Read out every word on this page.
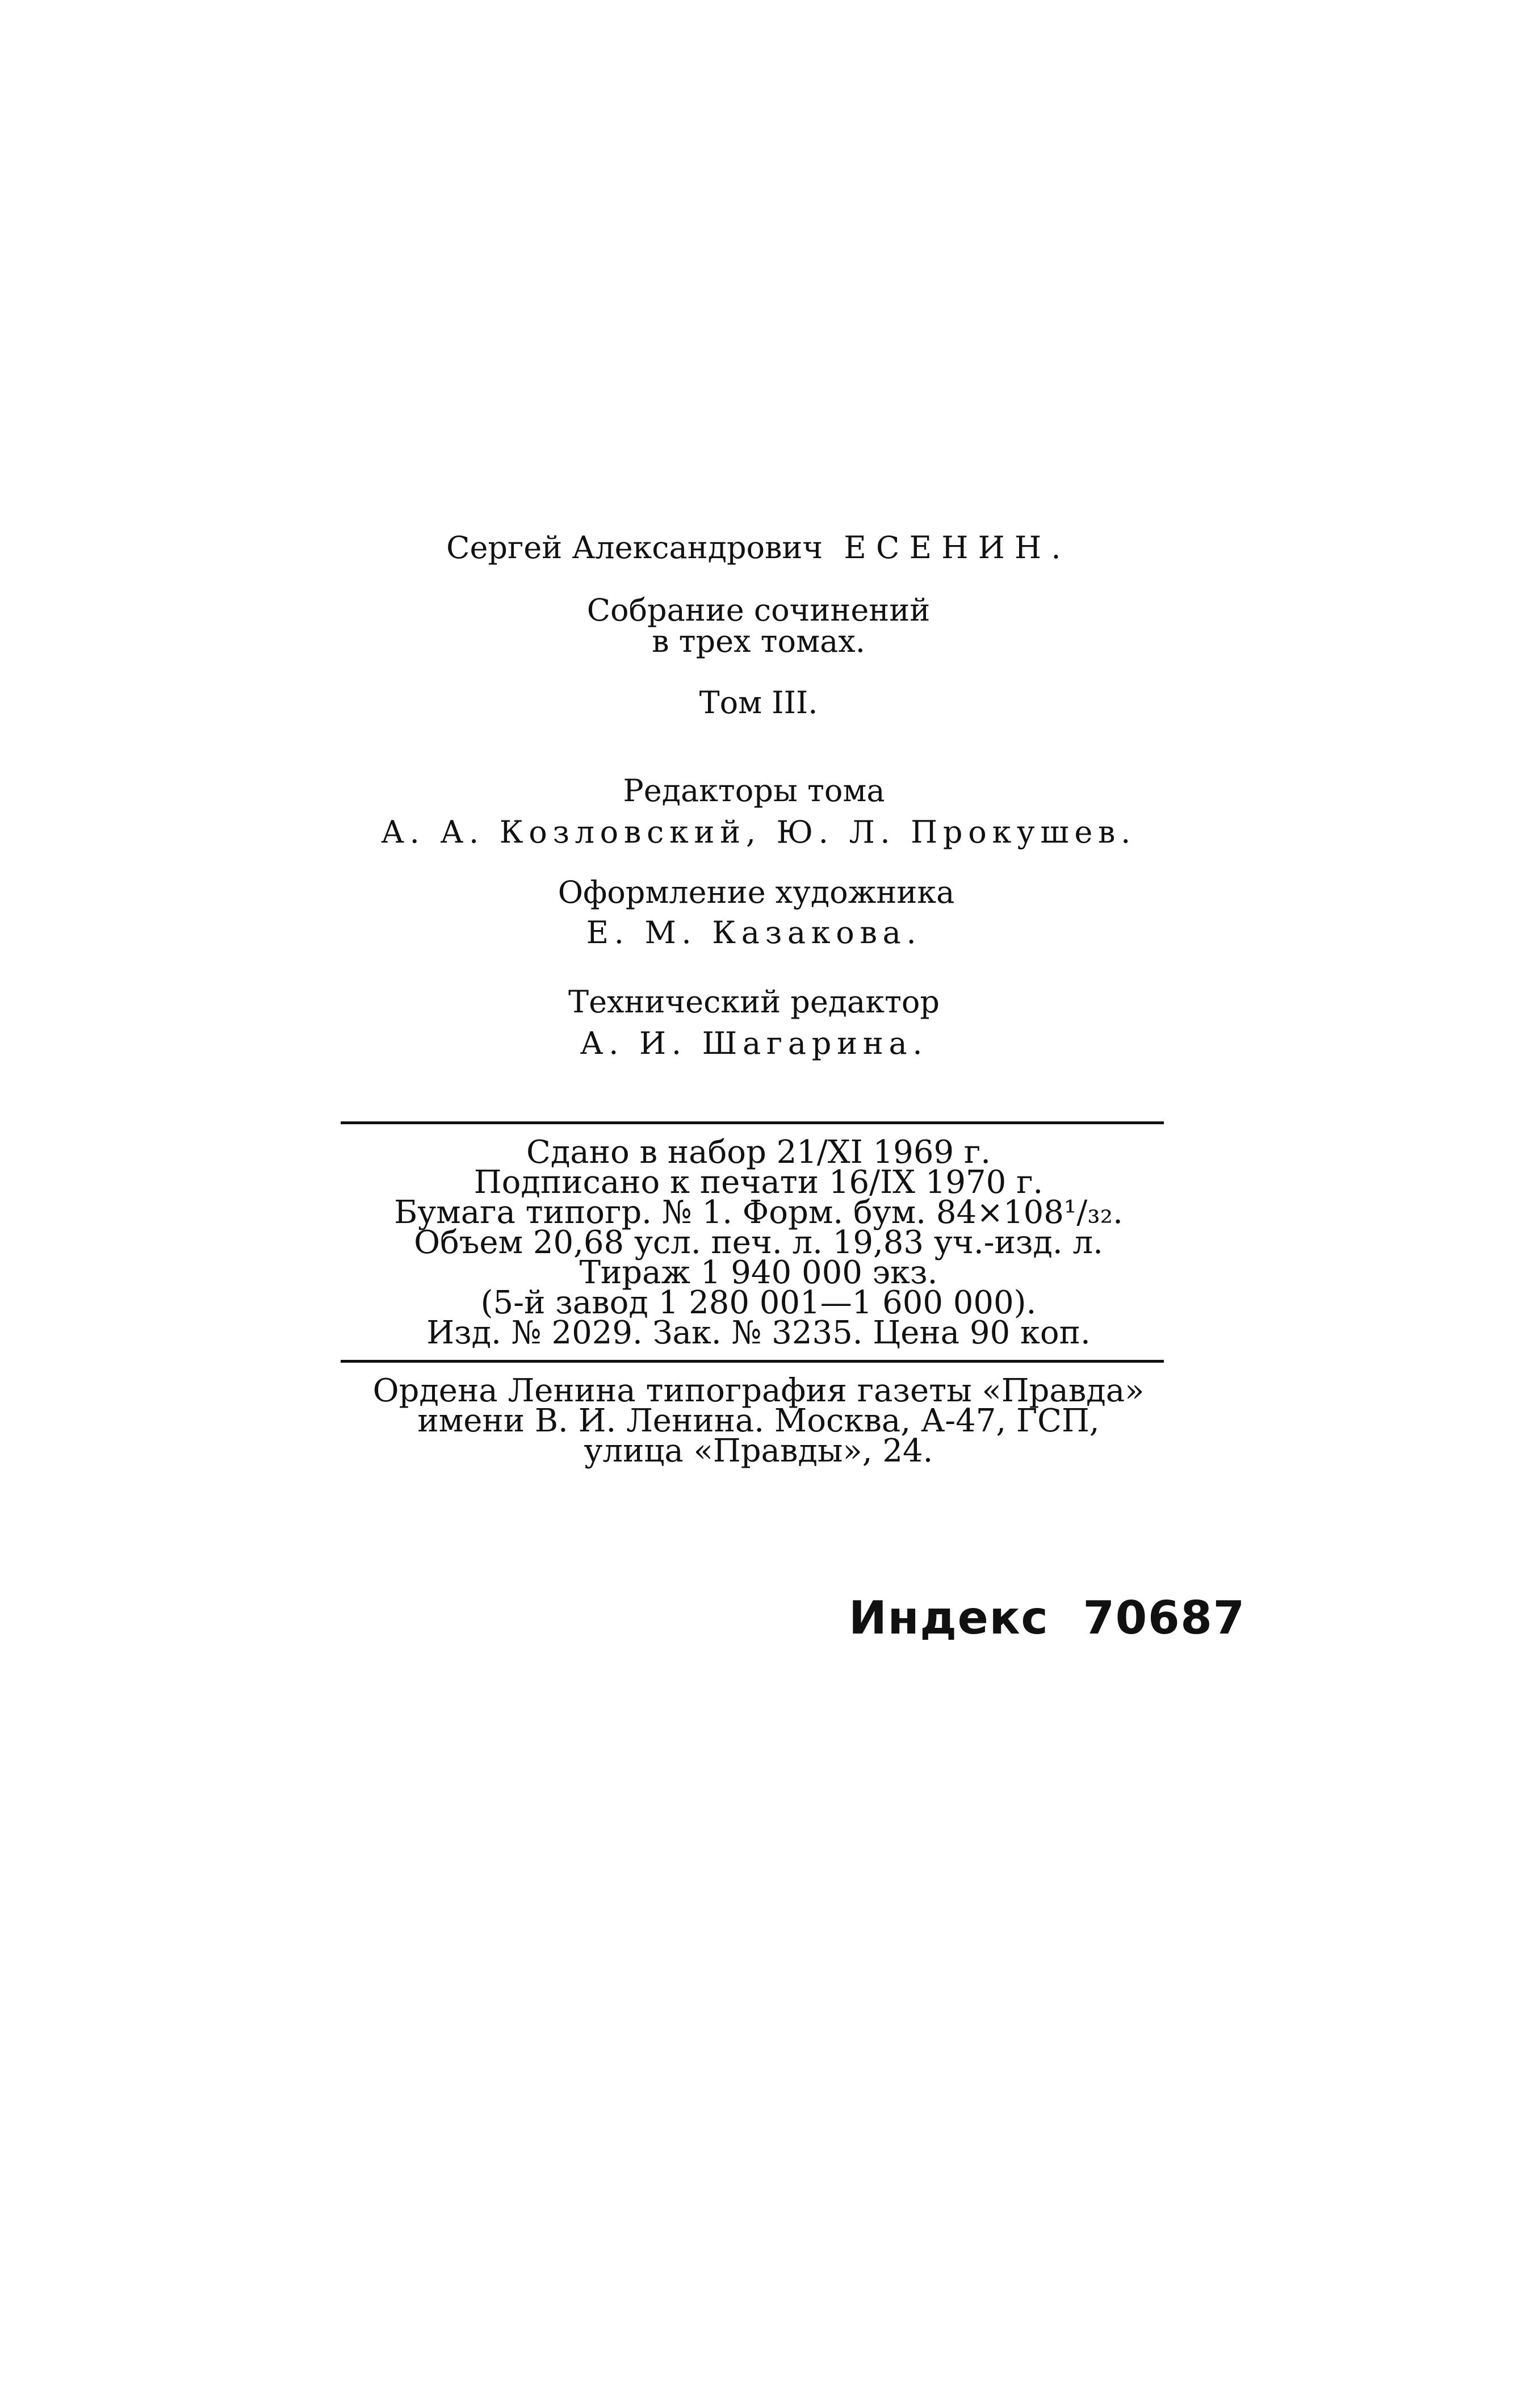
Сергей Александрович ЕСЕНИН.
Собрание сочинений
в трех томах.
Том III.
Редакторы тома
А. А. Козловский, Ю. Л. Прокушев.
Оформление художника
Е. М. Казакова.
Технический редактор
А. И. Шагарина.
Сдано в набор 21/XI 1969 г.
Подписано к печати 16/IX 1970 г.
Бумага типогр. № 1. Форм. бум. 84×108¹/₃₂.
Объем 20,68 усл. печ. л. 19,83 уч.-изд. л.
Тираж 1 940 000 экз.
(5-й завод 1 280 001—1 600 000).
Изд. № 2029. Зак. № 3235. Цена 90 коп.
Ордена Ленина типография газеты «Правда»
имени В. И. Ленина. Москва, А-47, ГСП,
улица «Правды», 24.
Индекс 70687
